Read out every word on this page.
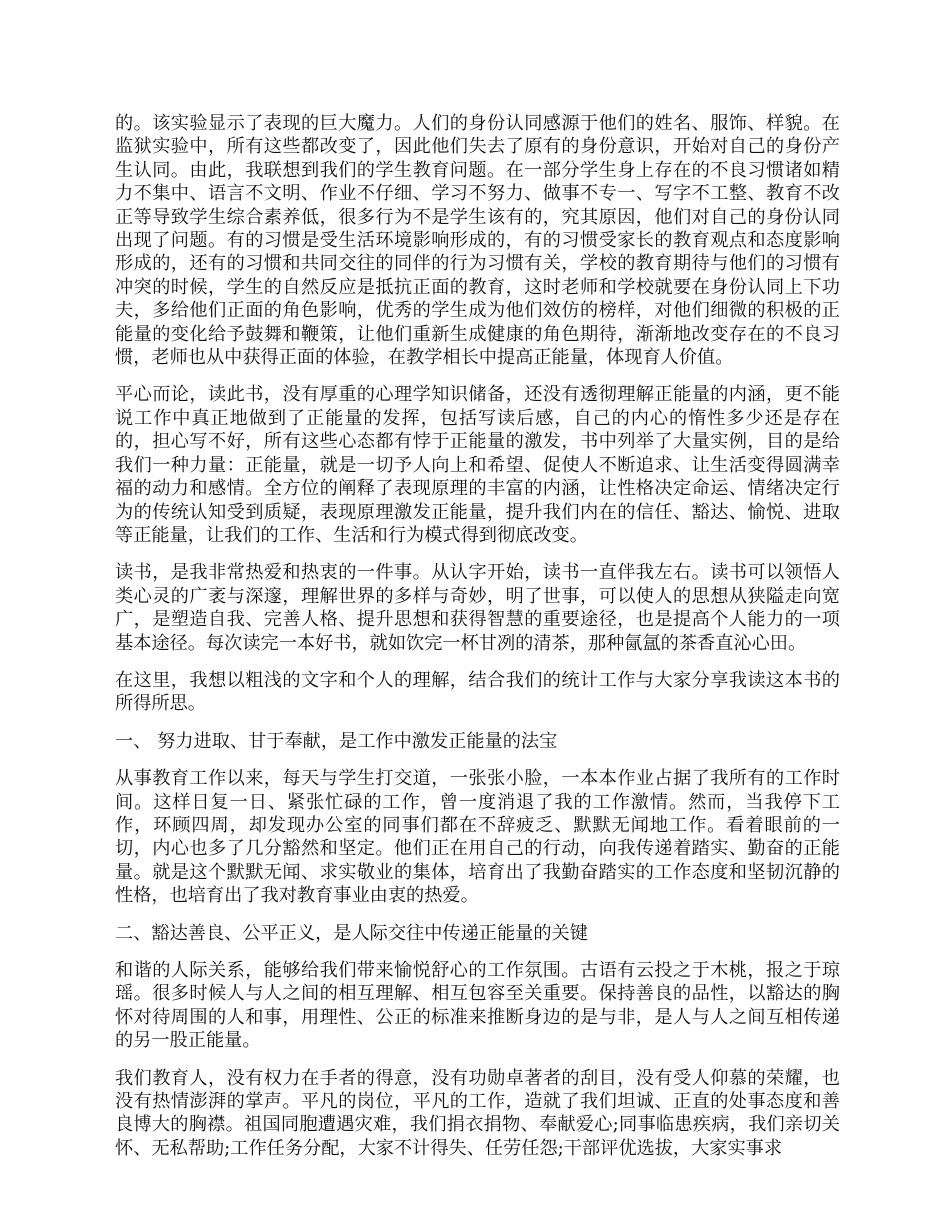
的。该实验显示了表现的巨大魔力。人们的身份认同感源于他们的姓名、服饰、样貌。在监狱实验中，所有这些都改变了，因此他们失去了原有的身份意识，开始对自己的身份产生认同。由此，我联想到我们的学生教育问题。在一部分学生身上存在的不良习惯诸如精力不集中、语言不文明、作业不仔细、学习不努力、做事不专一、写字不工整、教育不改正等导致学生综合素养低，很多行为不是学生该有的，究其原因，他们对自己的身份认同出现了问题。有的习惯是受生活环境影响形成的，有的习惯受家长的教育观点和态度影响形成的，还有的习惯和共同交往的同伴的行为习惯有关，学校的教育期待与他们的习惯有冲突的时候，学生的自然反应是抵抗正面的教育，这时老师和学校就要在身份认同上下功夫，多给他们正面的角色影响，优秀的学生成为他们效仿的榜样，对他们细微的积极的正能量的变化给予鼓舞和鞭策，让他们重新生成健康的角色期待，渐渐地改变存在的不良习惯，老师也从中获得正面的体验，在教学相长中提高正能量，体现育人价值。

平心而论，读此书，没有厚重的心理学知识储备，还没有透彻理解正能量的内涵，更不能说工作中真正地做到了正能量的发挥，包括写读后感，自己的内心的惰性多少还是存在的，担心写不好，所有这些心态都有悖于正能量的激发，书中列举了大量实例，目的是给我们一种力量：正能量，就是一切予人向上和希望、促使人不断追求、让生活变得圆满幸福的动力和感情。全方位的阐释了表现原理的丰富的内涵，让性格决定命运、情绪决定行为的传统认知受到质疑，表现原理激发正能量，提升我们内在的信任、豁达、愉悦、进取等正能量，让我们的工作、生活和行为模式得到彻底改变。

读书，是我非常热爱和热衷的一件事。从认字开始，读书一直伴我左右。读书可以领悟人类心灵的广袤与深邃，理解世界的多样与奇妙，明了世事，可以使人的思想从狭隘走向宽广，是塑造自我、完善人格、提升思想和获得智慧的重要途径，也是提高个人能力的一项基本途径。每次读完一本好书，就如饮完一杯甘冽的清茶，那种氤氲的茶香直沁心田。

在这里，我想以粗浅的文字和个人的理解，结合我们的统计工作与大家分享我读这本书的所得所思。

一、 努力进取、甘于奉献，是工作中激发正能量的法宝

从事教育工作以来，每天与学生打交道，一张张小脸，一本本作业占据了我所有的工作时间。这样日复一日、紧张忙碌的工作，曾一度消退了我的工作激情。然而，当我停下工作，环顾四周，却发现办公室的同事们都在不辞疲乏、默默无闻地工作。看着眼前的一切，内心也多了几分豁然和坚定。他们正在用自己的行动，向我传递着踏实、勤奋的正能量。就是这个默默无闻、求实敬业的集体，培育出了我勤奋踏实的工作态度和坚韧沉静的性格，也培育出了我对教育事业由衷的热爱。

二、豁达善良、公平正义，是人际交往中传递正能量的关键

和谐的人际关系，能够给我们带来愉悦舒心的工作氛围。古语有云投之于木桃，报之于琼瑶。很多时候人与人之间的相互理解、相互包容至关重要。保持善良的品性，以豁达的胸怀对待周围的人和事，用理性、公正的标准来推断身边的是与非，是人与人之间互相传递的另一股正能量。

我们教育人，没有权力在手者的得意，没有功勋卓著者的刮目，没有受人仰慕的荣耀，也没有热情澎湃的掌声。平凡的岗位，平凡的工作，造就了我们坦诚、正直的处事态度和善良博大的胸襟。祖国同胞遭遇灾难，我们捐衣捐物、奉献爱心;同事临患疾病，我们亲切关怀、无私帮助;工作任务分配，大家不计得失、任劳任怨;干部评优选拔，大家实事求
